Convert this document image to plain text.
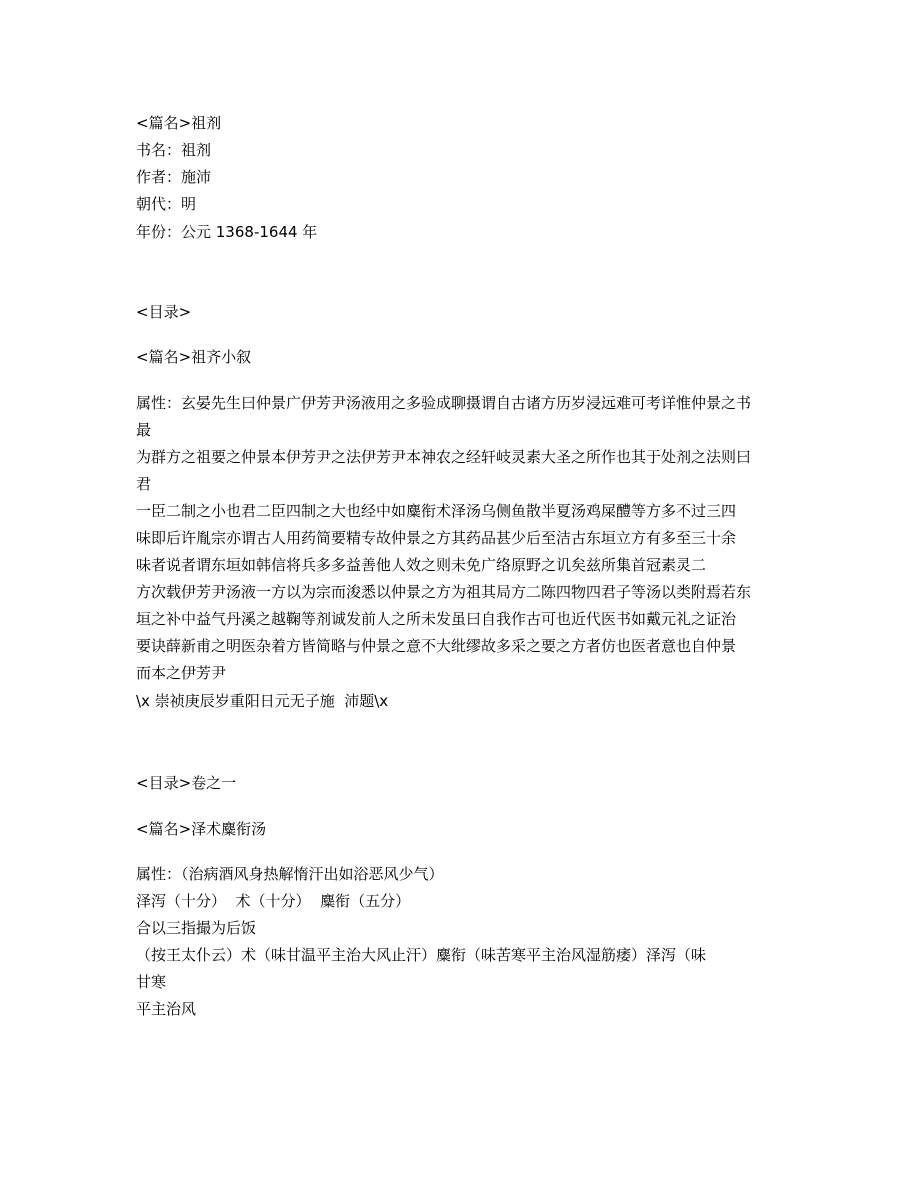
<篇名>祖剂
书名：祖剂
作者：施沛
朝代：明
年份：公元 1368-1644 年
<目录>
<篇名>祖齐小叙
属性：玄晏先生曰仲景广伊芳尹汤液用之多验成聊摄谓自古诸方历岁浸远难可考详惟仲景之书
最
为群方之祖要之仲景本伊芳尹之法伊芳尹本神农之经轩岐灵素大圣之所作也其于处剂之法则曰
君
一臣二制之小也君二臣四制之大也经中如麋衔术泽汤乌侧鱼散半夏汤鸡屎醴等方多不过三四
味即后许胤宗亦谓古人用药简要精专故仲景之方其药品甚少后至洁古东垣立方有多至三十余
味者说者谓东垣如韩信将兵多多益善他人效之则未免广络原野之讥矣兹所集首冠素灵二
方次载伊芳尹汤液一方以为宗而浚悉以仲景之方为祖其局方二陈四物四君子等汤以类附焉若东
垣之补中益气丹溪之越鞠等剂诚发前人之所未发虽曰自我作古可也近代医书如戴元礼之证治
要诀薛新甫之明医杂着方皆简略与仲景之意不大纰缪故多采之要之方者仿也医者意也自仲景
而本之伊芳尹
\x 崇祯庚辰岁重阳日元无子施  沛题\x
<目录>卷之一
<篇名>泽术麋衔汤
属性：（治病酒风身热解惰汗出如浴恶风少气）
泽泻（十分）  术（十分）  麋衔（五分）
合以三指撮为后饭
（按王太仆云）术（味甘温平主治大风止汗）麋衔（味苦寒平主治风湿筋痿）泽泻（味
甘寒
平主治风
